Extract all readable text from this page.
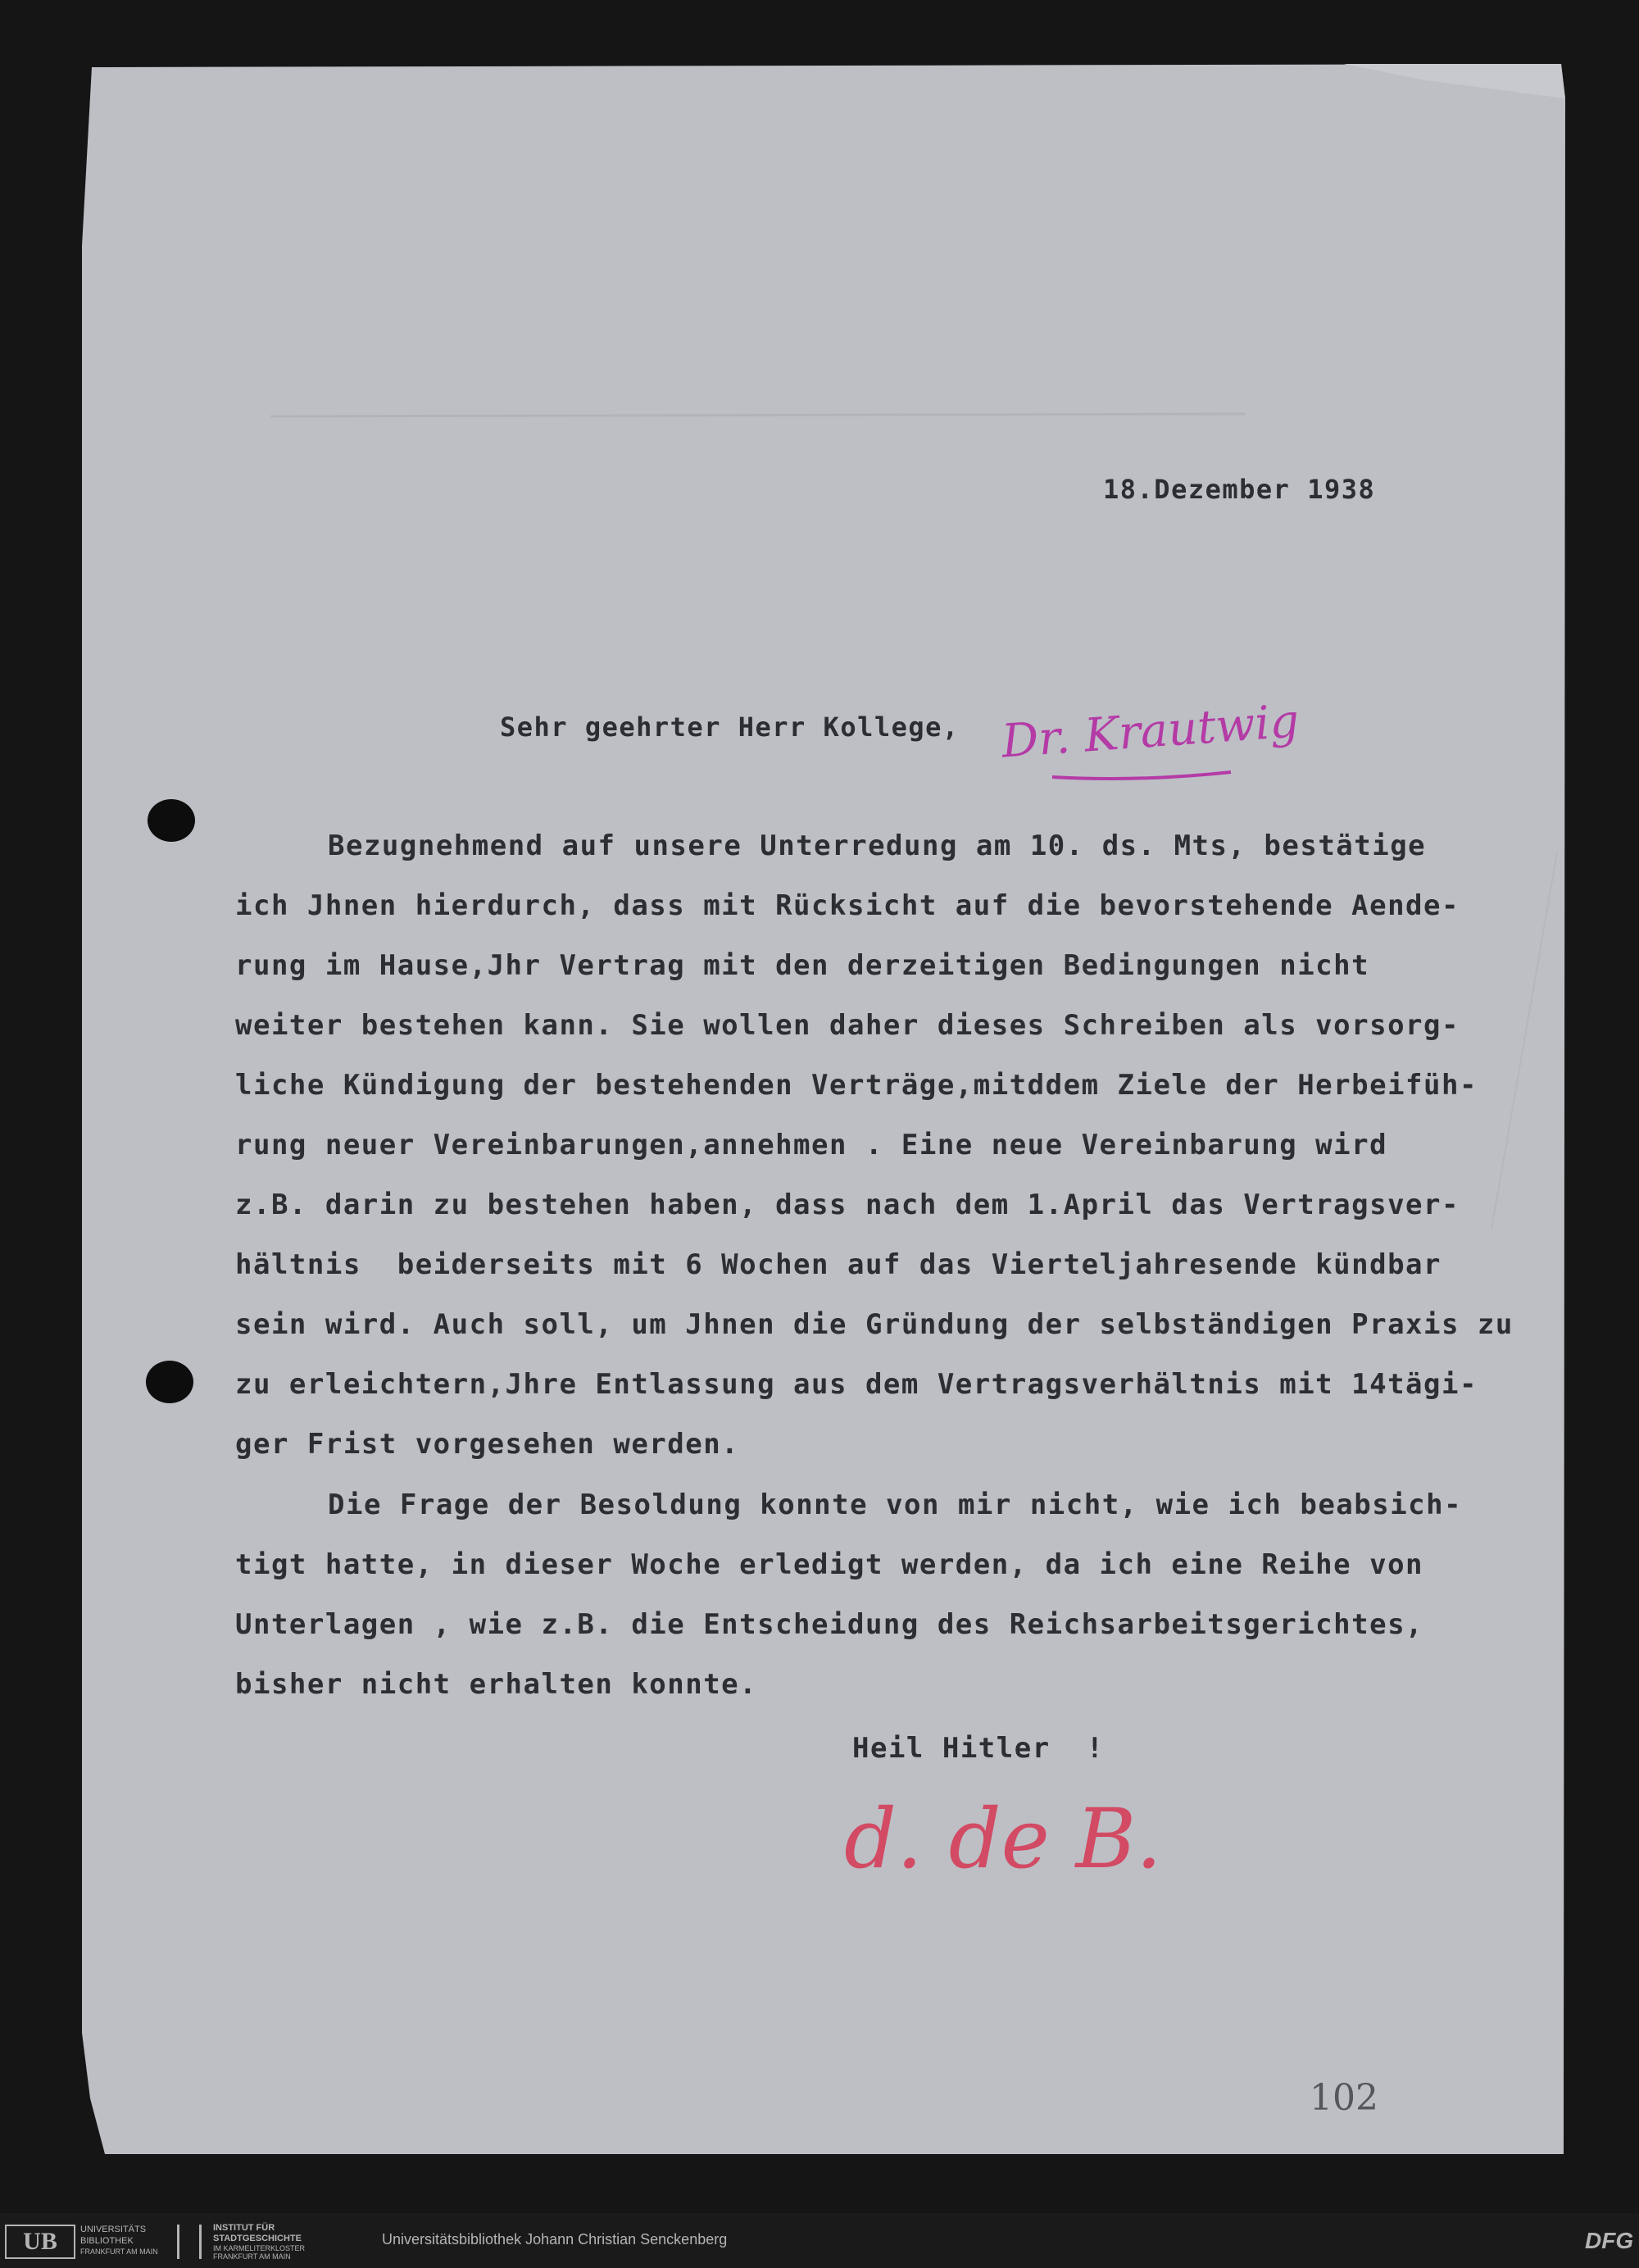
18.Dezember 1938
Sehr geehrter Herr Kollege, Dr. Krautwig
Bezugnehmend auf unsere Unterredung am 10. ds. Mts, bestätige
ich Jhnen hierdurch, dass mit Rücksicht auf die bevorstehende Aende-
rung im Hause,Jhr Vertrag mit den derzeitigen Bedingungen nicht
weiter bestehen kann. Sie wollen daher dieses Schreiben als vorsorg-
liche Kündigung der bestehenden Verträge,mitddem Ziele der Herbeifüh-
rung neuer Vereinbarungen,annehmen . Eine neue Vereinbarung wird
z.B. darin zu bestehen haben, dass nach dem 1.April das Vertragsver-
hältnis  beiderseits mit 6 Wochen auf das Vierteljahresende kündbar
sein wird. Auch soll, um Jhnen die Gründung der selbständigen Praxis zu
zu erleichtern,Jhre Entlassung aus dem Vertragsverhältnis mit 14tägi-
ger Frist vorgesehen werden.
Die Frage der Besoldung konnte von mir nicht, wie ich beabsich-
tigt hatte, in dieser Woche erledigt werden, da ich eine Reihe von
Unterlagen , wie z.B. die Entscheidung des Reichsarbeitsgerichtes,
bisher nicht erhalten konnte.
Heil Hitler  !
d. de B.
102
UB	UNIVERSITÄTS
BIBLIOTHEK
FRANKFURT AM MAIN
INSTITUT FÜR
STADTGESCHICHTE
IM KARMELITERKLOSTER
FRANKFURT AM MAIN
Universitätsbibliothek Johann Christian Senckenberg	DFG
